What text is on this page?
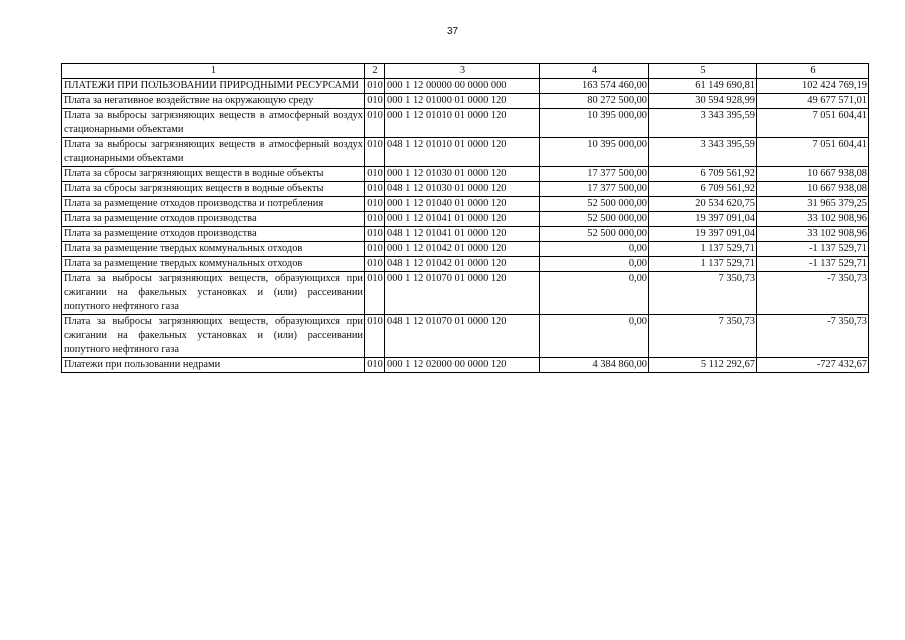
37
1	2	3	4	5	6
ПЛАТЕЖИ ПРИ ПОЛЬЗОВАНИИ ПРИРОДНЫМИ РЕСУРСАМИ	010	000 1 12 00000 00 0000 000	163 574 460,00	61 149 690,81	102 424 769,19
Плата за негативное воздействие на окружающую среду	010	000 1 12 01000 01 0000 120	80 272 500,00	30 594 928,99	49 677 571,01
Плата за выбросы загрязняющих веществ в атмосферный воздух стационарными объектами	010	000 1 12 01010 01 0000 120	10 395 000,00	3 343 395,59	7 051 604,41
Плата за выбросы загрязняющих веществ в атмосферный воздух стационарными объектами	010	048 1 12 01010 01 0000 120	10 395 000,00	3 343 395,59	7 051 604,41
Плата за сбросы загрязняющих веществ в водные объекты	010	000 1 12 01030 01 0000 120	17 377 500,00	6 709 561,92	10 667 938,08
Плата за сбросы загрязняющих веществ в водные объекты	010	048 1 12 01030 01 0000 120	17 377 500,00	6 709 561,92	10 667 938,08
Плата за размещение отходов производства и потребления	010	000 1 12 01040 01 0000 120	52 500 000,00	20 534 620,75	31 965 379,25
Плата за размещение отходов производства	010	000 1 12 01041 01 0000 120	52 500 000,00	19 397 091,04	33 102 908,96
Плата за размещение отходов производства	010	048 1 12 01041 01 0000 120	52 500 000,00	19 397 091,04	33 102 908,96
Плата за размещение твердых коммунальных отходов	010	000 1 12 01042 01 0000 120	0,00	1 137 529,71	-1 137 529,71
Плата за размещение твердых коммунальных отходов	010	048 1 12 01042 01 0000 120	0,00	1 137 529,71	-1 137 529,71
Плата за выбросы загрязняющих веществ, образующихся при сжигании на факельных установках и (или) рассеивании попутного нефтяного газа	010	000 1 12 01070 01 0000 120	0,00	7 350,73	-7 350,73
Плата за выбросы загрязняющих веществ, образующихся при сжигании на факельных установках и (или) рассеивании попутного нефтяного газа	010	048 1 12 01070 01 0000 120	0,00	7 350,73	-7 350,73
Платежи при пользовании недрами	010	000 1 12 02000 00 0000 120	4 384 860,00	5 112 292,67	-727 432,67
